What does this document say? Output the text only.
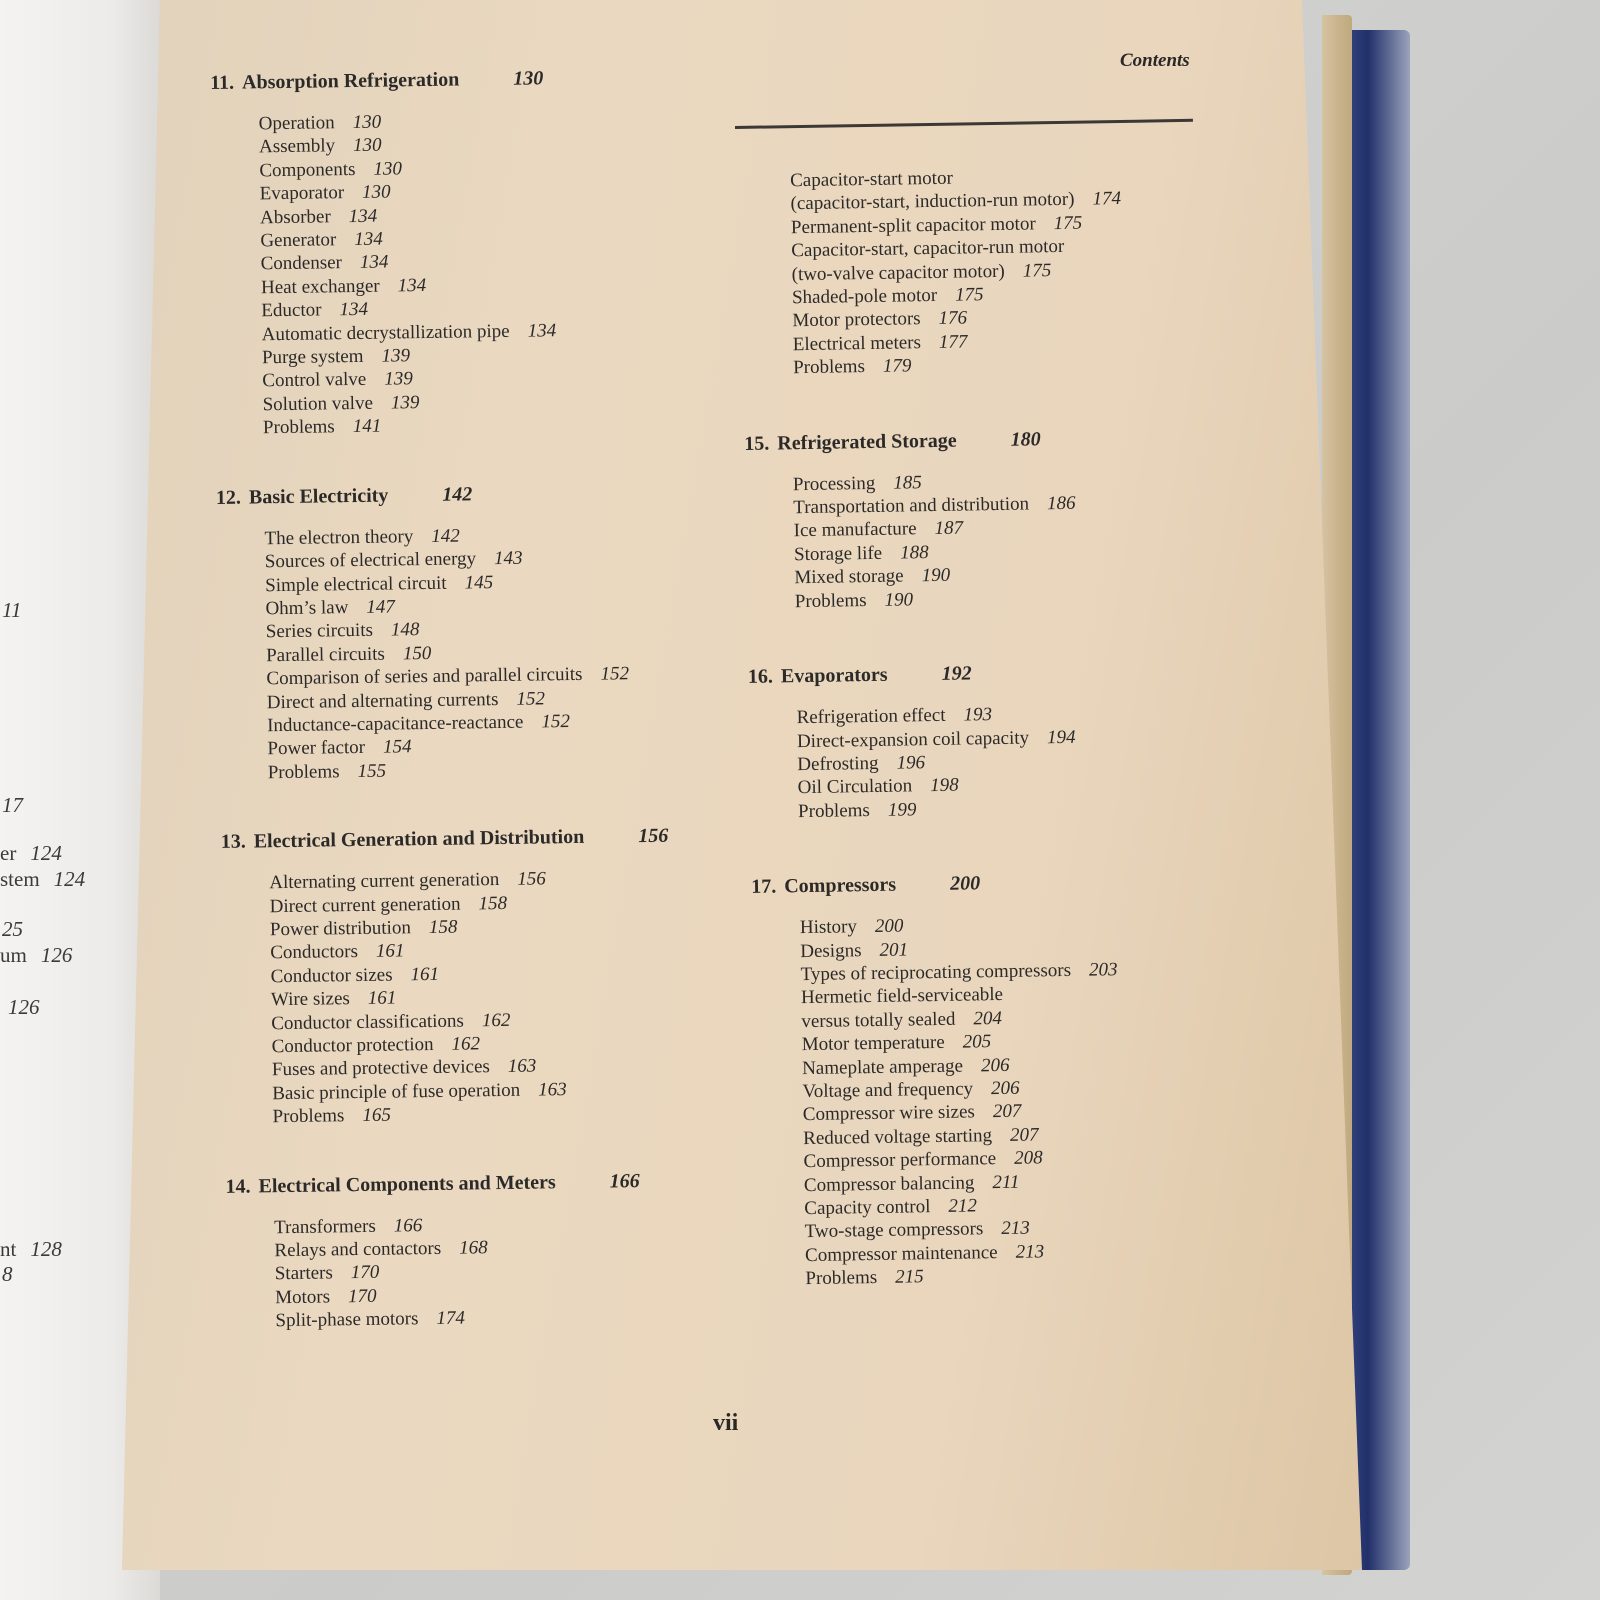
11
17
er 124
stem 124
25
um 126
126
nt 128
8
Contents
11. Absorption Refrigeration	130
Operation 130
Assembly 130
Components 130
Evaporator 130
Absorber 134
Generator 134
Condenser 134
Heat exchanger 134
Eductor 134
Automatic decrystallization pipe 134
Purge system 139
Control valve 139
Solution valve 139
Problems 141
12. Basic Electricity	142
The electron theory 142
Sources of electrical energy 143
Simple electrical circuit 145
Ohm’s law 147
Series circuits 148
Parallel circuits 150
Comparison of series and parallel circuits 152
Direct and alternating currents 152
Inductance-capacitance-reactance 152
Power factor 154
Problems 155
13. Electrical Generation and Distribution	156
Alternating current generation 156
Direct current generation 158
Power distribution 158
Conductors 161
Conductor sizes 161
Wire sizes 161
Conductor classifications 162
Conductor protection 162
Fuses and protective devices 163
Basic principle of fuse operation 163
Problems 165
14. Electrical Components and Meters	166
Transformers 166
Relays and contactors 168
Starters 170
Motors 170
Split-phase motors 174
Capacitor-start motor
(capacitor-start, induction-run motor) 174
Permanent-split capacitor motor 175
Capacitor-start, capacitor-run motor
(two-valve capacitor motor) 175
Shaded-pole motor 175
Motor protectors 176
Electrical meters 177
Problems 179
15. Refrigerated Storage	180
Processing 185
Transportation and distribution 186
Ice manufacture 187
Storage life 188
Mixed storage 190
Problems 190
16. Evaporators	192
Refrigeration effect 193
Direct-expansion coil capacity 194
Defrosting 196
Oil Circulation 198
Problems 199
17. Compressors	200
History 200
Designs 201
Types of reciprocating compressors 203
Hermetic field-serviceable
versus totally sealed 204
Motor temperature 205
Nameplate amperage 206
Voltage and frequency 206
Compressor wire sizes 207
Reduced voltage starting 207
Compressor performance 208
Compressor balancing 211
Capacity control 212
Two-stage compressors 213
Compressor maintenance 213
Problems 215
vii
